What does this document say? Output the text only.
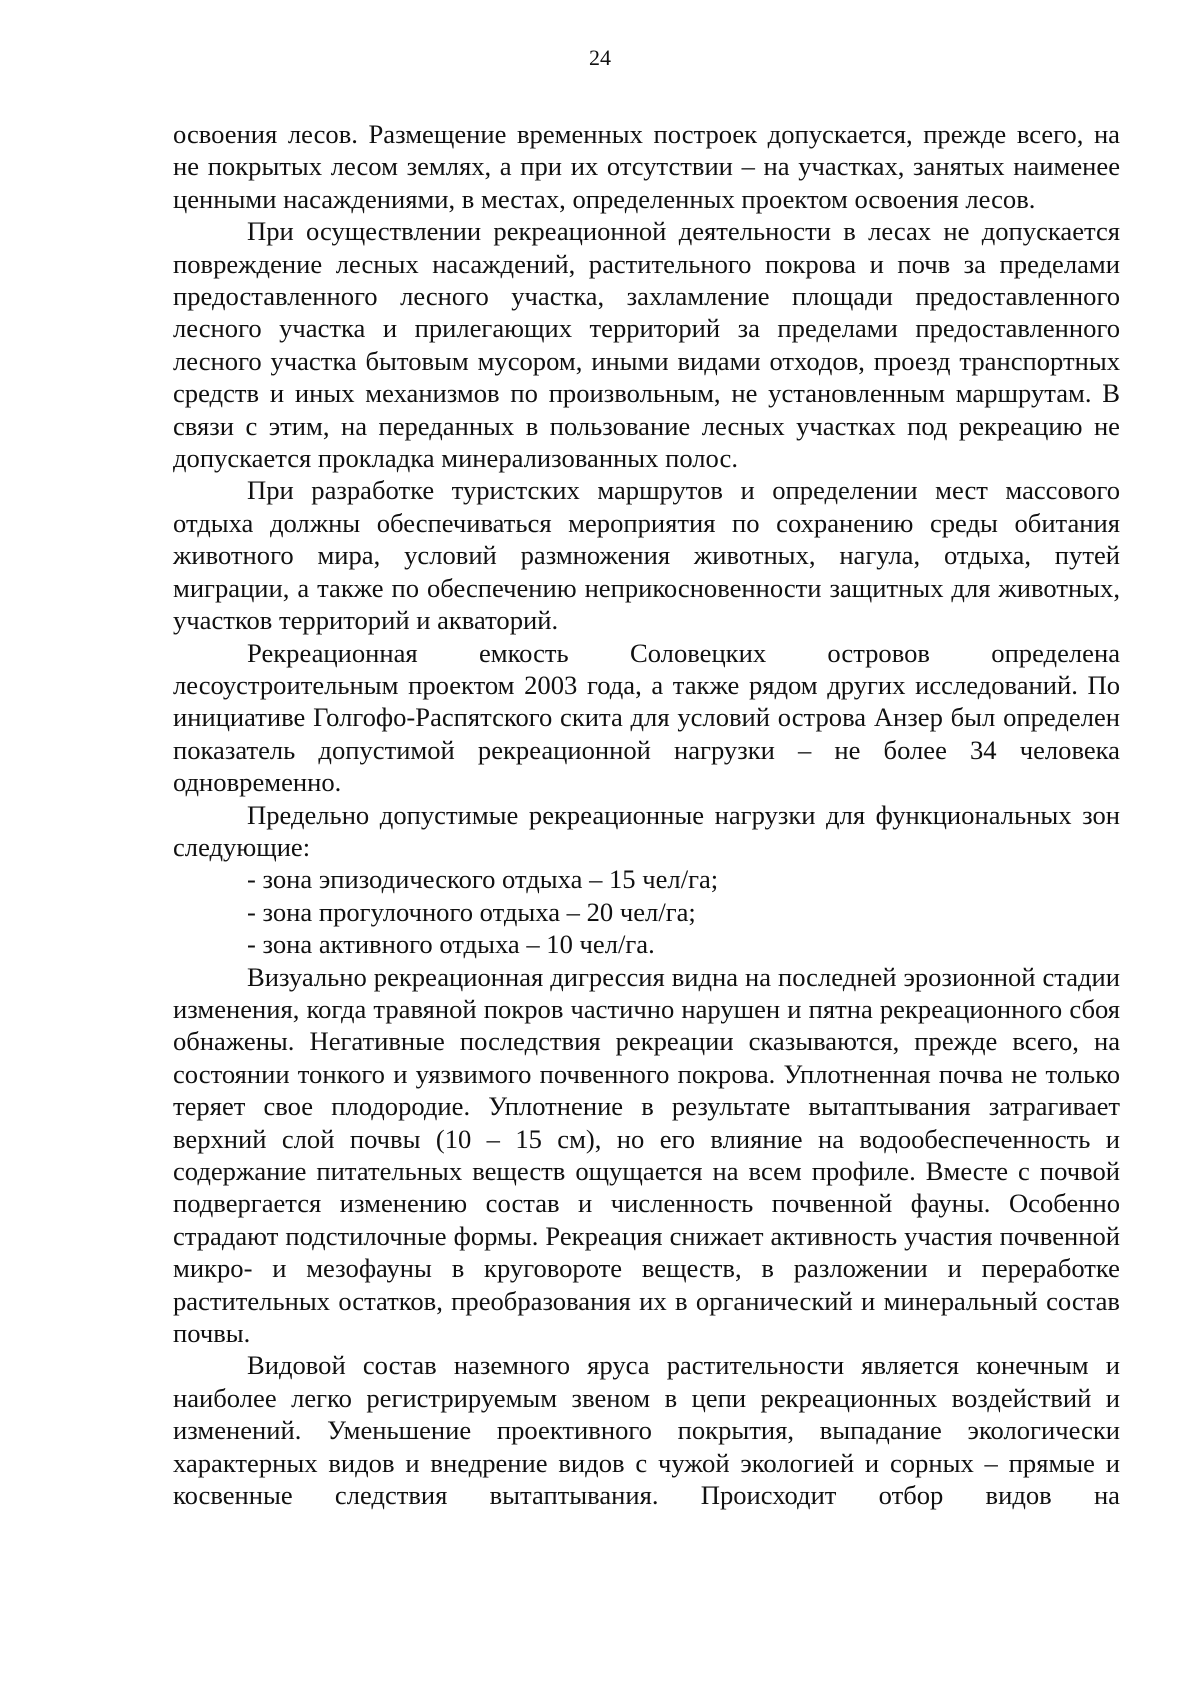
24

освоения лесов. Размещение временных построек допускается, прежде всего, на не покрытых лесом землях, а при их отсутствии – на участках, занятых наименее ценными насаждениями, в местах, определенных проектом освоения лесов.

При осуществлении рекреационной деятельности в лесах не допускается повреждение лесных насаждений, растительного покрова и почв за пределами предоставленного лесного участка, захламление площади предоставленного лесного участка и прилегающих территорий за пределами предоставленного лесного участка бытовым мусором, иными видами отходов, проезд транспортных средств и иных механизмов по произвольным, не установленным маршрутам. В связи с этим, на переданных в пользование лесных участках под рекреацию не допускается прокладка минерализованных полос.

При разработке туристских маршрутов и определении мест массового отдыха должны обеспечиваться мероприятия по сохранению среды обитания животного мира, условий размножения животных, нагула, отдыха, путей миграции, а также по обеспечению неприкосновенности защитных для животных, участков территорий и акваторий.

Рекреационная емкость Соловецких островов определена лесоустроительным проектом 2003 года, а также рядом других исследований. По инициативе Голгофо-Распятского скита для условий острова Анзер был определен показатель допустимой рекреационной нагрузки – не более 34 человека одновременно.

Предельно допустимые рекреационные нагрузки для функциональных зон следующие:

- зона эпизодического отдыха – 15 чел/га;

- зона прогулочного отдыха – 20 чел/га;

- зона активного отдыха – 10 чел/га.

Визуально рекреационная дигрессия видна на последней эрозионной стадии изменения, когда травяной покров частично нарушен и пятна рекреационного сбоя обнажены. Негативные последствия рекреации сказываются, прежде всего, на состоянии тонкого и уязвимого почвенного покрова. Уплотненная почва не только теряет свое плодородие. Уплотнение в результате вытаптывания затрагивает верхний слой почвы (10 – 15 см), но его влияние на водообеспеченность и содержание питательных веществ ощущается на всем профиле. Вместе с почвой подвергается изменению состав и численность почвенной фауны. Особенно страдают подстилочные формы. Рекреация снижает активность участия почвенной микро- и мезофауны в круговороте веществ, в разложении и переработке растительных остатков, преобразования их в органический и минеральный состав почвы.

Видовой состав наземного яруса растительности является конечным и наиболее легко регистрируемым звеном в цепи рекреационных воздействий и изменений. Уменьшение проективного покрытия, выпадание экологически характерных видов и внедрение видов с чужой экологией и сорных – прямые и косвенные следствия вытаптывания. Происходит отбор видов на
